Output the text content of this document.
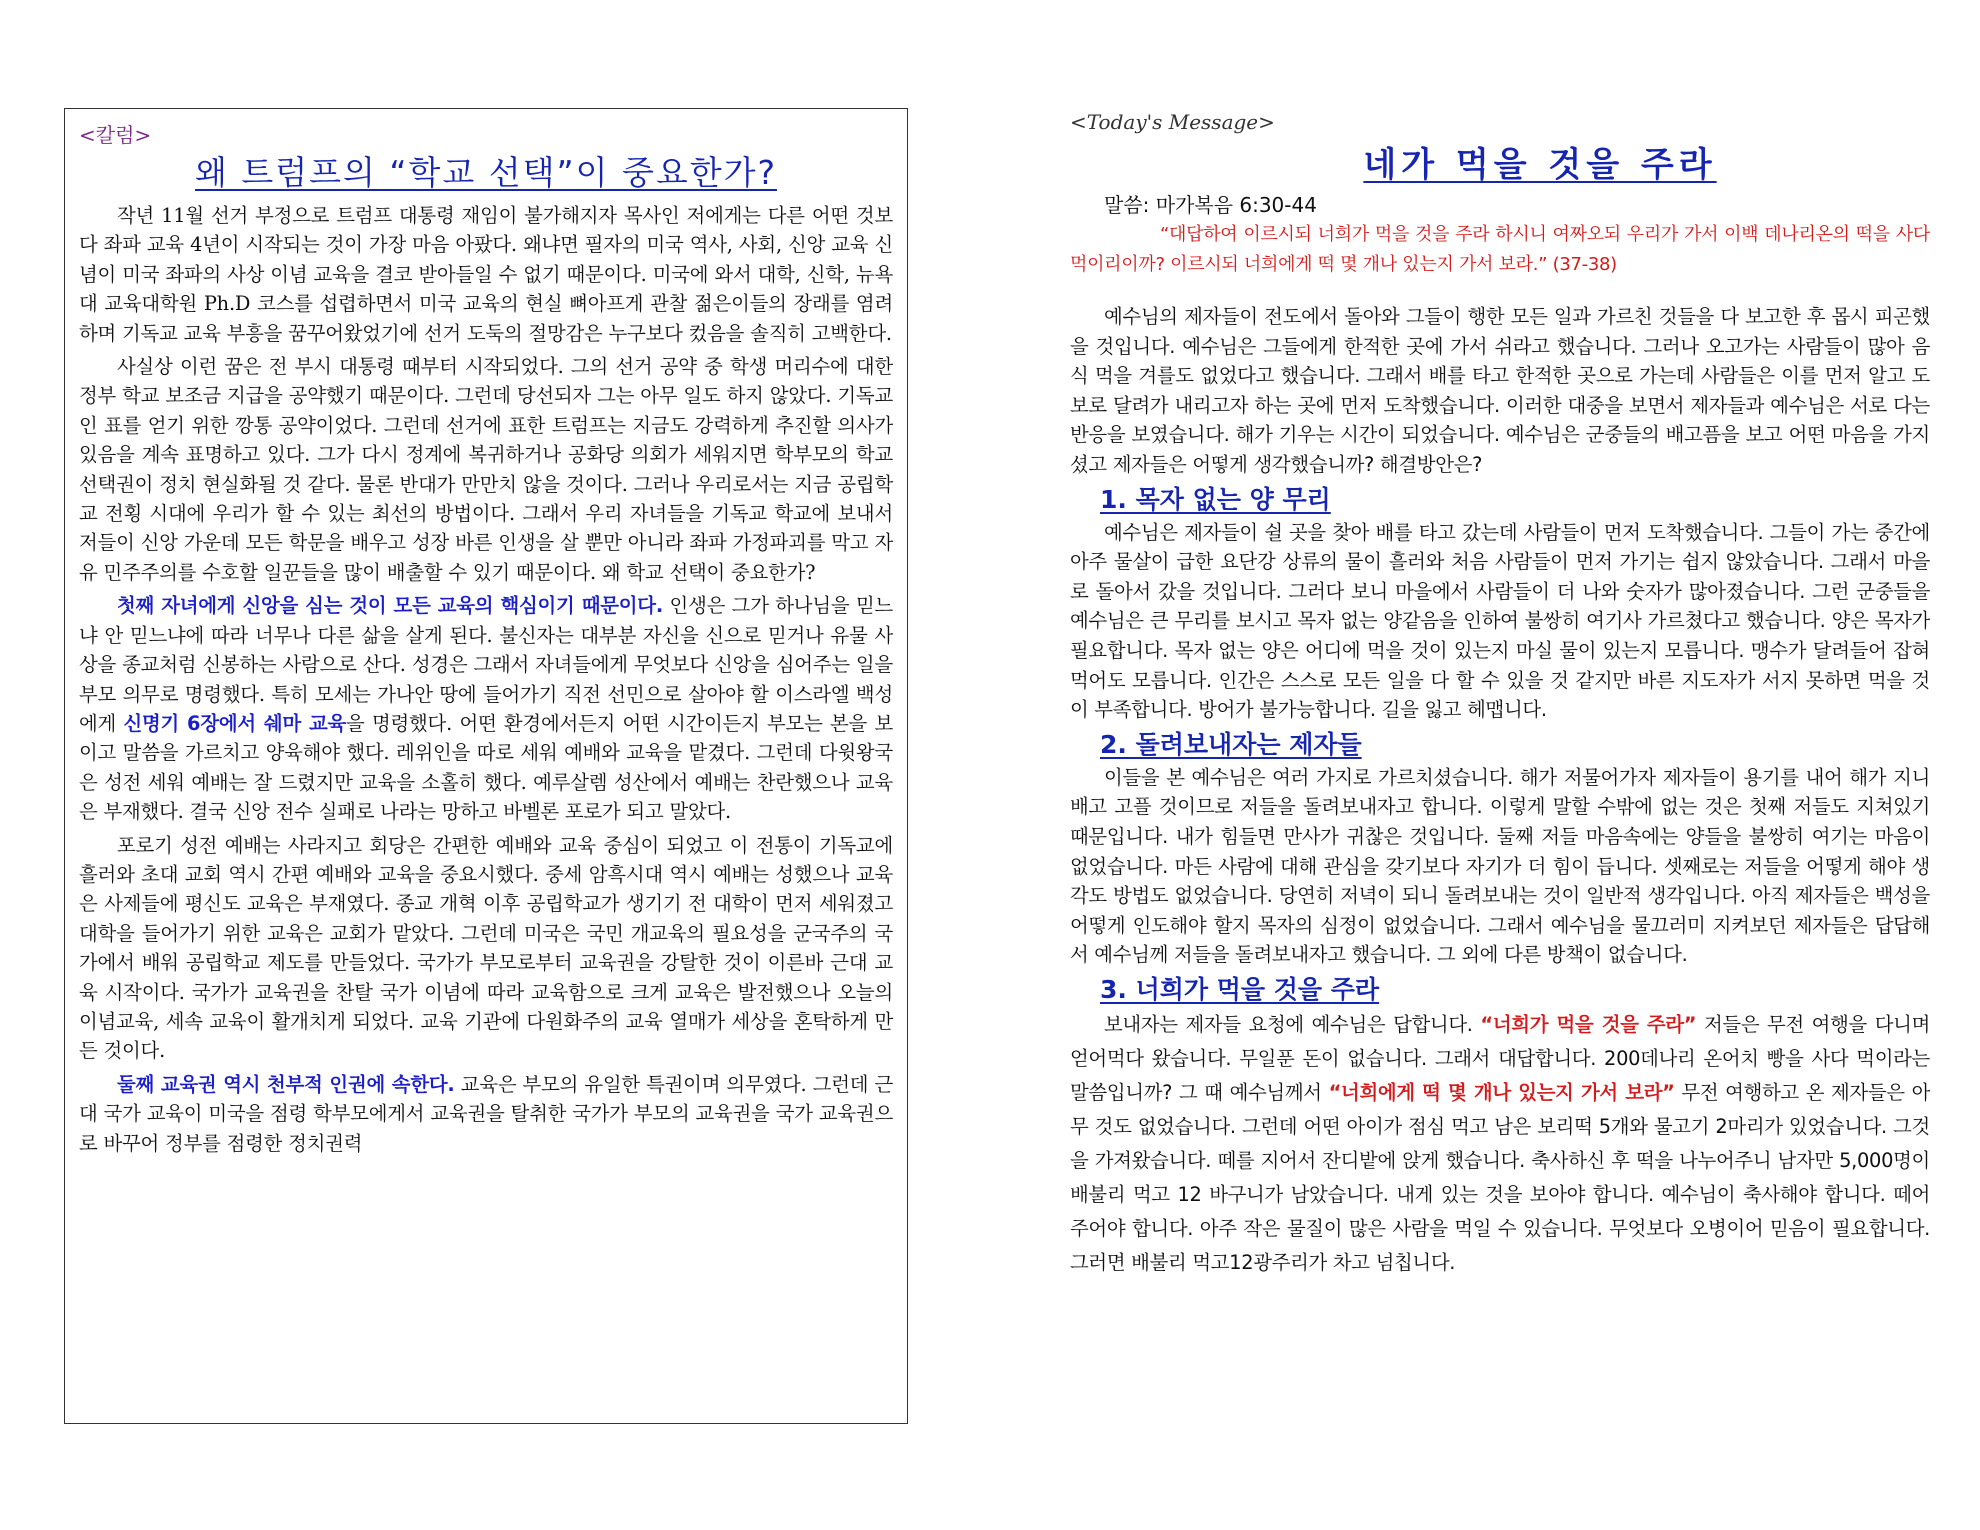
<칼럼>
왜 트럼프의 “학교 선택”이 중요한가?

작년 11월 선거 부정으로 트럼프 대통령 재임이 불가해지자 목사인 저에게는 다른 어떤 것보다 좌파 교육 4년이 시작되는 것이 가장 마음 아팠다. 왜냐면 필자의 미국 역사, 사회, 신앙 교육 신념이 미국 좌파의 사상 이념 교육을 결코 받아들일 수 없기 때문이다. 미국에 와서 대학, 신학, 뉴욕 대 교육대학원 Ph.D 코스를 섭렵하면서 미국 교육의 현실 뼈아프게 관찰 젊은이들의 장래를 염려하며 기독교 교육 부흥을 꿈꾸어왔었기에 선거 도둑의 절망감은 누구보다 컸음을 솔직히 고백한다.

사실상 이런 꿈은 전 부시 대통령 때부터 시작되었다. 그의 선거 공약 중 학생 머리수에 대한 정부 학교 보조금 지급을 공약했기 때문이다. 그런데 당선되자 그는 아무 일도 하지 않았다. 기독교인 표를 얻기 위한 깡통 공약이었다. 그런데 선거에 표한 트럼프는 지금도 강력하게 추진할 의사가 있음을 계속 표명하고 있다. 그가 다시 정계에 복귀하거나 공화당 의회가 세워지면 학부모의 학교 선택권이 정치 현실화될 것 같다. 물론 반대가 만만치 않을 것이다. 그러나 우리로서는 지금 공립학교 전횡 시대에 우리가 할 수 있는 최선의 방법이다. 그래서 우리 자녀들을 기독교 학교에 보내서 저들이 신앙 가운데 모든 학문을 배우고 성장 바른 인생을 살 뿐만 아니라 좌파 가정파괴를 막고 자유 민주주의를 수호할 일꾼들을 많이 배출할 수 있기 때문이다. 왜 학교 선택이 중요한가?

첫째 자녀에게 신앙을 심는 것이 모든 교육의 핵심이기 때문이다. 인생은 그가 하나님을 믿느냐 안 믿느냐에 따라 너무나 다른 삶을 살게 된다. 불신자는 대부분 자신을 신으로 믿거나 유물 사상을 종교처럼 신봉하는 사람으로 산다. 성경은 그래서 자녀들에게 무엇보다 신앙을 심어주는 일을 부모 의무로 명령했다. 특히 모세는 가나안 땅에 들어가기 직전 선민으로 살아야 할 이스라엘 백성에게 신명기 6장에서 쉐마 교육을 명령했다. 어떤 환경에서든지 어떤 시간이든지 부모는 본을 보이고 말씀을 가르치고 양육해야 했다. 레위인을 따로 세워 예배와 교육을 맡겼다. 그런데 다윗왕국은 성전 세워 예배는 잘 드렸지만 교육을 소홀히 했다. 예루살렘 성산에서 예배는 찬란했으나 교육은 부재했다. 결국 신앙 전수 실패로 나라는 망하고 바벨론 포로가 되고 말았다.

포로기 성전 예배는 사라지고 회당은 간편한 예배와 교육 중심이 되었고 이 전통이 기독교에 흘러와 초대 교회 역시 간편 예배와 교육을 중요시했다. 중세 암흑시대 역시 예배는 성했으나 교육은 사제들에 평신도 교육은 부재였다. 종교 개혁 이후 공립학교가 생기기 전 대학이 먼저 세워졌고 대학을 들어가기 위한 교육은 교회가 맡았다. 그런데 미국은 국민 개교육의 필요성을 군국주의 국가에서 배워 공립학교 제도를 만들었다. 국가가 부모로부터 교육권을 강탈한 것이 이른바 근대 교육 시작이다. 국가가 교육권을 찬탈 국가 이념에 따라 교육함으로 크게 교육은 발전했으나 오늘의 이념교육, 세속 교육이 활개치게 되었다. 교육 기관에 다원화주의 교육 열매가 세상을 혼탁하게 만든 것이다.

둘째 교육권 역시 천부적 인권에 속한다. 교육은 부모의 유일한 특권이며 의무였다. 그런데 근대 국가 교육이 미국을 점령 학부모에게서 교육권을 탈취한 국가가 부모의 교육권을 국가 교육권으로 바꾸어 정부를 점령한 정치권력

<Today's Message>
네가 먹을 것을 주라
말씀: 마가복음 6:30-44
“대답하여 이르시되 너희가 먹을 것을 주라 하시니 여짜오되 우리가 가서 이백 데나리온의 떡을 사다 먹이리이까? 이르시되 너희에게 떡 몇 개나 있는지 가서 보라.” (37-38)

예수님의 제자들이 전도에서 돌아와 그들이 행한 모든 일과 가르친 것들을 다 보고한 후 몹시 피곤했을 것입니다. 예수님은 그들에게 한적한 곳에 가서 쉬라고 했습니다. 그러나 오고가는 사람들이 많아 음식 먹을 겨를도 없었다고 했습니다. 그래서 배를 타고 한적한 곳으로 가는데 사람들은 이를 먼저 알고 도보로 달려가 내리고자 하는 곳에 먼저 도착했습니다. 이러한 대중을 보면서 제자들과 예수님은 서로 다는 반응을 보였습니다. 해가 기우는 시간이 되었습니다. 예수님은 군중들의 배고픔을 보고 어떤 마음을 가지셨고 제자들은 어떻게 생각했습니까? 해결방안은?

1. 목자 없는 양 무리

예수님은 제자들이 쉴 곳을 찾아 배를 타고 갔는데 사람들이 먼저 도착했습니다. 그들이 가는 중간에 아주 물살이 급한 요단강 상류의 물이 흘러와 처음 사람들이 먼저 가기는 쉽지 않았습니다. 그래서 마을로 돌아서 갔을 것입니다. 그러다 보니 마을에서 사람들이 더 나와 숫자가 많아졌습니다. 그런 군중들을 예수님은 큰 무리를 보시고 목자 없는 양같음을 인하여 불쌍히 여기사 가르쳤다고 했습니다. 양은 목자가 필요합니다. 목자 없는 양은 어디에 먹을 것이 있는지 마실 물이 있는지 모릅니다. 맹수가 달려들어 잡혀 먹어도 모릅니다. 인간은 스스로 모든 일을 다 할 수 있을 것 같지만 바른 지도자가 서지 못하면 먹을 것이 부족합니다. 방어가 불가능합니다. 길을 잃고 헤맵니다.

2. 돌려보내자는 제자들

이들을 본 예수님은 여러 가지로 가르치셨습니다. 해가 저물어가자 제자들이 용기를 내어 해가 지니 배고 고플 것이므로 저들을 돌려보내자고 합니다. 이렇게 말할 수밖에 없는 것은 첫째 저들도 지쳐있기 때문입니다. 내가 힘들면 만사가 귀찮은 것입니다. 둘째 저들 마음속에는 양들을 불쌍히 여기는 마음이 없었습니다. 마든 사람에 대해 관심을 갖기보다 자기가 더 힘이 듭니다. 셋째로는 저들을 어떻게 해야 생각도 방법도 없었습니다. 당연히 저녁이 되니 돌려보내는 것이 일반적 생각입니다. 아직 제자들은 백성을 어떻게 인도해야 할지 목자의 심정이 없었습니다. 그래서 예수님을 물끄러미 지켜보던 제자들은 답답해서 예수님께 저들을 돌려보내자고 했습니다. 그 외에 다른 방책이 없습니다.

3. 너희가 먹을 것을 주라

보내자는 제자들 요청에 예수님은 답합니다. “너희가 먹을 것을 주라” 저들은 무전 여행을 다니며 얻어먹다 왔습니다. 무일푼 돈이 없습니다. 그래서 대답합니다. 200데나리 온어치 빵을 사다 먹이라는 말씀입니까? 그 때 예수님께서 “너희에게 떡 몇 개나 있는지 가서 보라” 무전 여행하고 온 제자들은 아무 것도 없었습니다. 그런데 어떤 아이가 점심 먹고 남은 보리떡 5개와 물고기 2마리가 있었습니다. 그것을 가져왔습니다. 떼를 지어서 잔디밭에 앉게 했습니다. 축사하신 후 떡을 나누어주니 남자만 5,000명이 배불리 먹고 12 바구니가 남았습니다. 내게 있는 것을 보아야 합니다. 예수님이 축사해야 합니다. 떼어 주어야 합니다. 아주 작은 물질이 많은 사람을 먹일 수 있습니다. 무엇보다 오병이어 믿음이 필요합니다. 그러면 배불리 먹고12광주리가 차고 넘칩니다.
